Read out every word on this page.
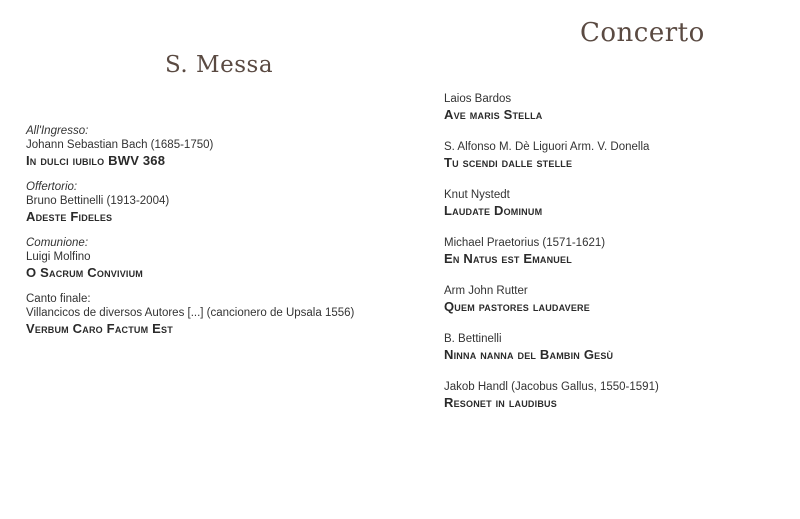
S. Messa
Concerto
All'Ingresso:
Johann Sebastian Bach (1685-1750)
In dulci iubilo BWV 368
Offertorio:
Bruno Bettinelli (1913-2004)
Adeste Fideles
Comunione:
Luigi Molfino
O Sacrum Convivium
Canto finale:
Villancicos de diversos Autores [...] (cancionero de Upsala 1556)
Verbum Caro Factum Est
Laios Bardos
Ave maris Stella
S. Alfonso M. Dè Liguori Arm. V. Donella
Tu scendi dalle stelle
Knut Nystedt
Laudate Dominum
Michael Praetorius (1571-1621)
En Natus est Emanuel
Arm John Rutter
Quem pastores laudavere
B. Bettinelli
Ninna nanna del Bambin Gesù
Jakob Handl (Jacobus Gallus, 1550-1591)
Resonet in laudibus
